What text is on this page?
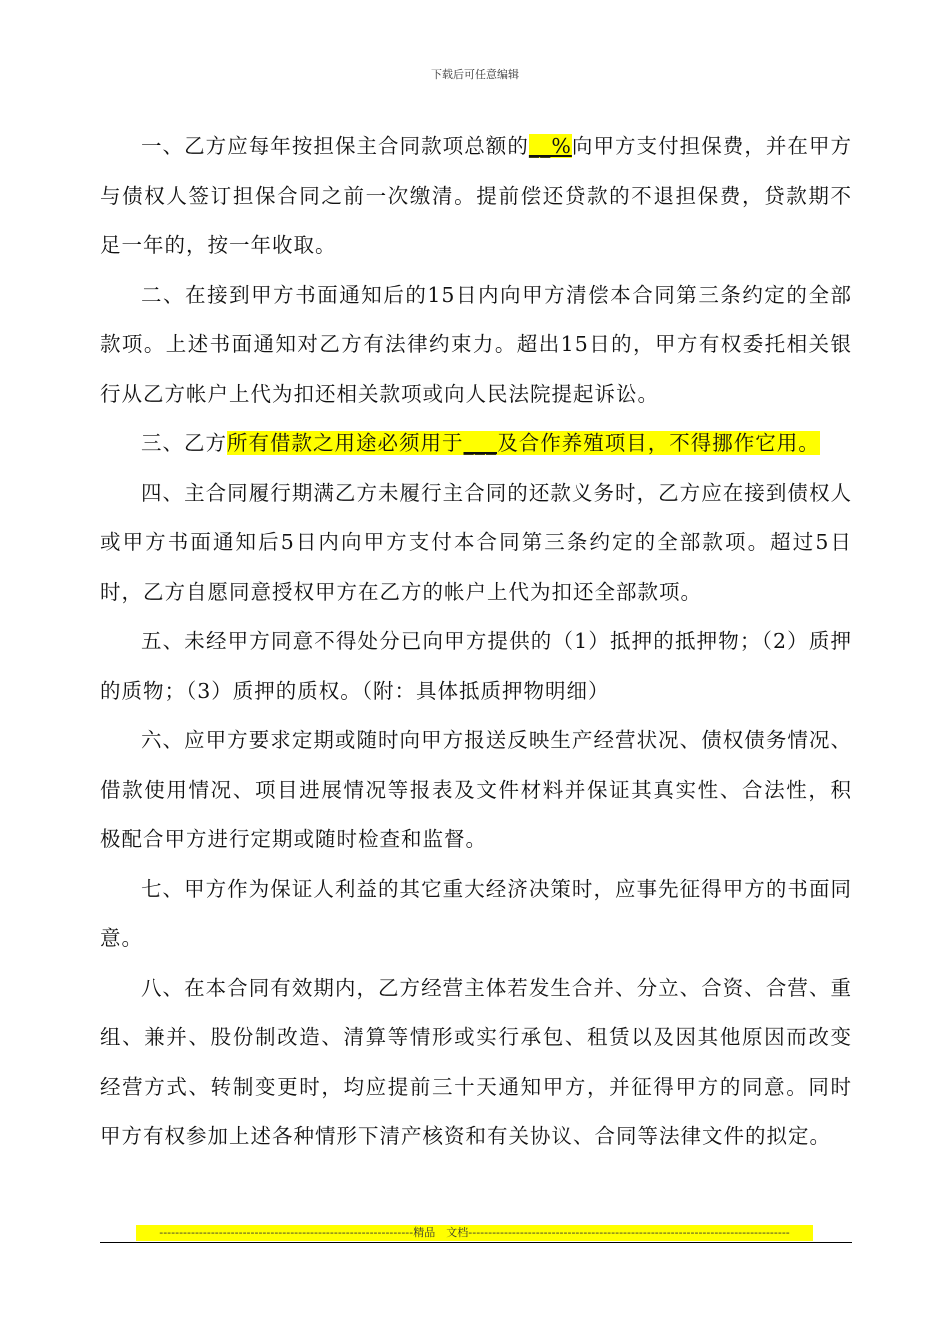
下载后可任意编辑

一、乙方应每年按担保主合同款项总额的__%向甲方支付担保费，并在甲方与债权人签订担保合同之前一次缴清。提前偿还贷款的不退担保费，贷款期不足一年的，按一年收取。

二、在接到甲方书面通知后的15日内向甲方清偿本合同第三条约定的全部款项。上述书面通知对乙方有法律约束力。超出15日的，甲方有权委托相关银行从乙方帐户上代为扣还相关款项或向人民法院提起诉讼。

三、乙方所有借款之用途必须用于___及合作养殖项目，不得挪作它用。

四、主合同履行期满乙方未履行主合同的还款义务时，乙方应在接到债权人或甲方书面通知后5日内向甲方支付本合同第三条约定的全部款项。超过5日时，乙方自愿同意授权甲方在乙方的帐户上代为扣还全部款项。

五、未经甲方同意不得处分已向甲方提供的（1）抵押的抵押物；（2）质押的质物；（3）质押的质权。（附：具体抵质押物明细）

六、应甲方要求定期或随时向甲方报送反映生产经营状况、债权债务情况、借款使用情况、项目进展情况等报表及文件材料并保证其真实性、合法性，积极配合甲方进行定期或随时检查和监督。

七、甲方作为保证人利益的其它重大经济决策时，应事先征得甲方的书面同意。

八、在本合同有效期内，乙方经营主体若发生合并、分立、合资、合营、重组、兼并、股份制改造、清算等情形或实行承包、租赁以及因其他原因而改变经营方式、转制变更时，均应提前三十天通知甲方，并征得甲方的同意。同时甲方有权参加上述各种情形下清产核资和有关协议、合同等法律文件的拟定。

----------------------------------------------------------------精品　文档---------------------------------------------------------------------------------
